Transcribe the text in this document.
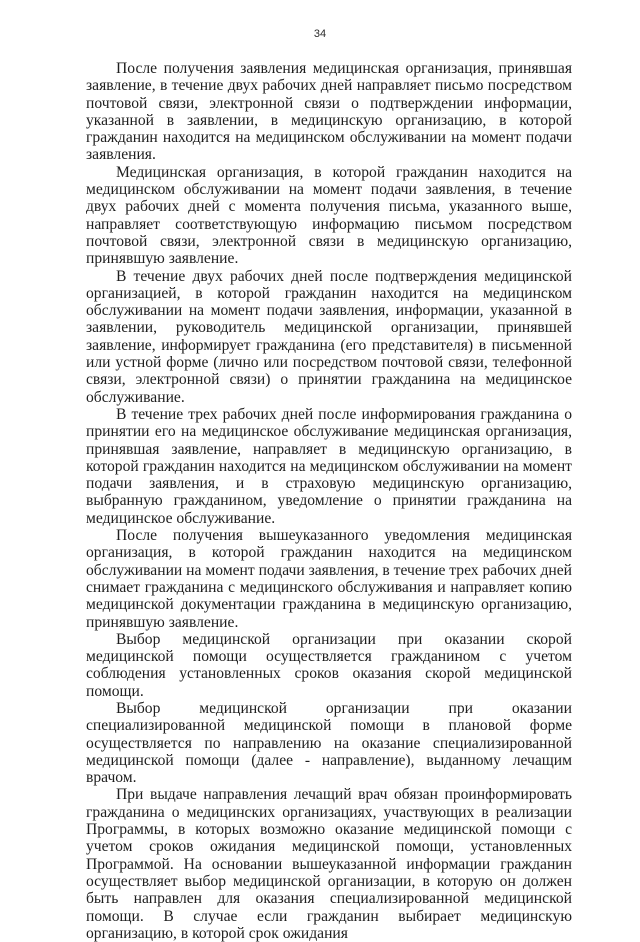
34

После получения заявления медицинская организация, принявшая заявление, в течение двух рабочих дней направляет письмо посредством почтовой связи, электронной связи о подтверждении информации, указанной в заявлении, в медицинскую организацию, в которой гражданин находится на медицинском обслуживании на момент подачи заявления.

Медицинская организация, в которой гражданин находится на медицинском обслуживании на момент подачи заявления, в течение двух рабочих дней с момента получения письма, указанного выше, направляет соответствующую информацию письмом посредством почтовой связи, электронной связи в медицинскую организацию, принявшую заявление.

В течение двух рабочих дней после подтверждения медицинской организацией, в которой гражданин находится на медицинском обслуживании на момент подачи заявления, информации, указанной в заявлении, руководитель медицинской организации, принявшей заявление, информирует гражданина (его представителя) в письменной или устной форме (лично или посредством почтовой связи, телефонной связи, электронной связи) о принятии гражданина на медицинское обслуживание.

В течение трех рабочих дней после информирования гражданина о принятии его на медицинское обслуживание медицинская организация, принявшая заявление, направляет в медицинскую организацию, в которой гражданин находится на медицинском обслуживании на момент подачи заявления, и в страховую медицинскую организацию, выбранную гражданином, уведомление о принятии гражданина на медицинское обслуживание.

После получения вышеуказанного уведомления медицинская организация, в которой гражданин находится на медицинском обслуживании на момент подачи заявления, в течение трех рабочих дней снимает гражданина с медицинского обслуживания и направляет копию медицинской документации гражданина в медицинскую организацию, принявшую заявление.

Выбор медицинской организации при оказании скорой медицинской помощи осуществляется гражданином с учетом соблюдения установленных сроков оказания скорой медицинской помощи.

Выбор медицинской организации при оказании специализированной медицинской помощи в плановой форме осуществляется по направлению на оказание специализированной медицинской помощи (далее - направление), выданному лечащим врачом.

При выдаче направления лечащий врач обязан проинформировать гражданина о медицинских организациях, участвующих в реализации Программы, в которых возможно оказание медицинской помощи с учетом сроков ожидания медицинской помощи, установленных Программой. На основании вышеуказанной информации гражданин осуществляет выбор медицинской организации, в которую он должен быть направлен для оказания специализированной медицинской помощи. В случае если гражданин выбирает медицинскую организацию, в которой срок ожидания
